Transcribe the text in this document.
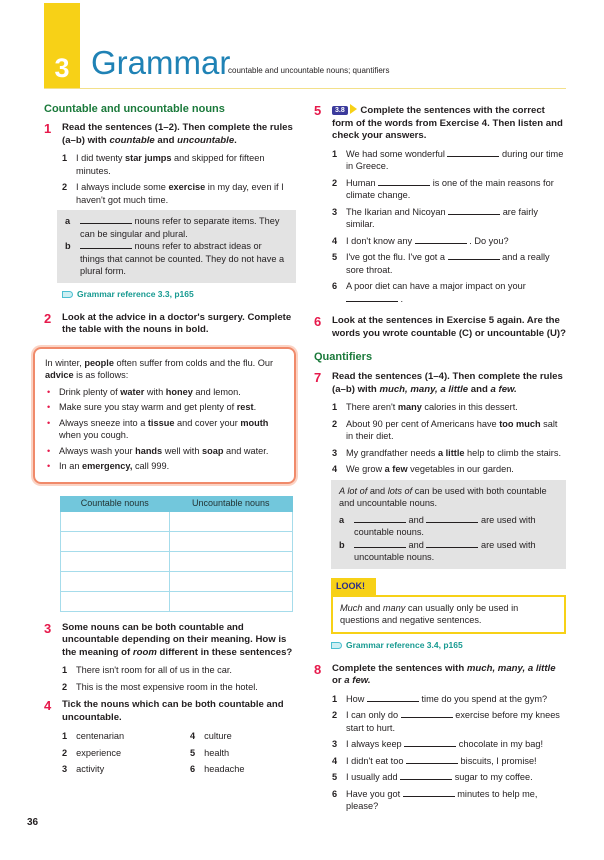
3 Grammar
countable and uncountable nouns; quantifiers
Countable and uncountable nouns
1 Read the sentences (1–2). Then complete the rules (a–b) with countable and uncountable.
1 I did twenty star jumps and skipped for fifteen minutes.
2 I always include some exercise in my day, even if I haven't got much time.
a	nouns refer to separate items. They can be singular and plural.
b	nouns refer to abstract ideas or things that cannot be counted. They do not have a plural form.
Grammar reference 3.3, p165
2 Look at the advice in a doctor's surgery. Complete the table with the nouns in bold.
In winter, people often suffer from colds and the flu. Our advice is as follows:
• Drink plenty of water with honey and lemon.
• Make sure you stay warm and get plenty of rest.
• Always sneeze into a tissue and cover your mouth when you cough.
• Always wash your hands well with soap and water.
• In an emergency, call 999.
Countable nouns	Uncountable nouns

3 Some nouns can be both countable and uncountable depending on their meaning. How is the meaning of room different in these sentences?
1 There isn't room for all of us in the car.
2 This is the most expensive room in the hotel.
4 Tick the nouns which can be both countable and uncountable.
1 centenarian	4 culture
2 experience	5 health
3 activity	6 headache
36
5	3.8 Complete the sentences with the correct form of the words from Exercise 4. Then listen and check your answers.
1 We had some wonderful	during our time in Greece.
2 Human	is one of the main reasons for climate change.
3 The Ikarian and Nicoyan	are fairly similar.
4 I don't know any	. Do you?
5 I've got the flu. I've got a	and a really sore throat.
6 A poor diet can have a major impact on your  .
6 Look at the sentences in Exercise 5 again. Are the words you wrote countable (C) or uncountable (U)?
Quantifiers
7 Read the sentences (1–4). Then complete the rules (a–b) with much, many, a little and a few.
1 There aren't many calories in this dessert.
2 About 90 per cent of Americans have too much salt in their diet.
3 My grandfather needs a little help to climb the stairs.
4 We grow a few vegetables in our garden.
A lot of and lots of can be used with both countable and uncountable nouns.
a	and	are used with countable nouns.
b	and	are used with uncountable nouns.
LOOK!
Much and many can usually only be used in questions and negative sentences.
Grammar reference 3.4, p165
8 Complete the sentences with much, many, a little or a few.
1 How	time do you spend at the gym?
2 I can only do	exercise before my knees start to hurt.
3 I always keep	chocolate in my bag!
4 I didn't eat too	biscuits, I promise!
5 I usually add	sugar to my coffee.
6 Have you got	minutes to help me, please?
